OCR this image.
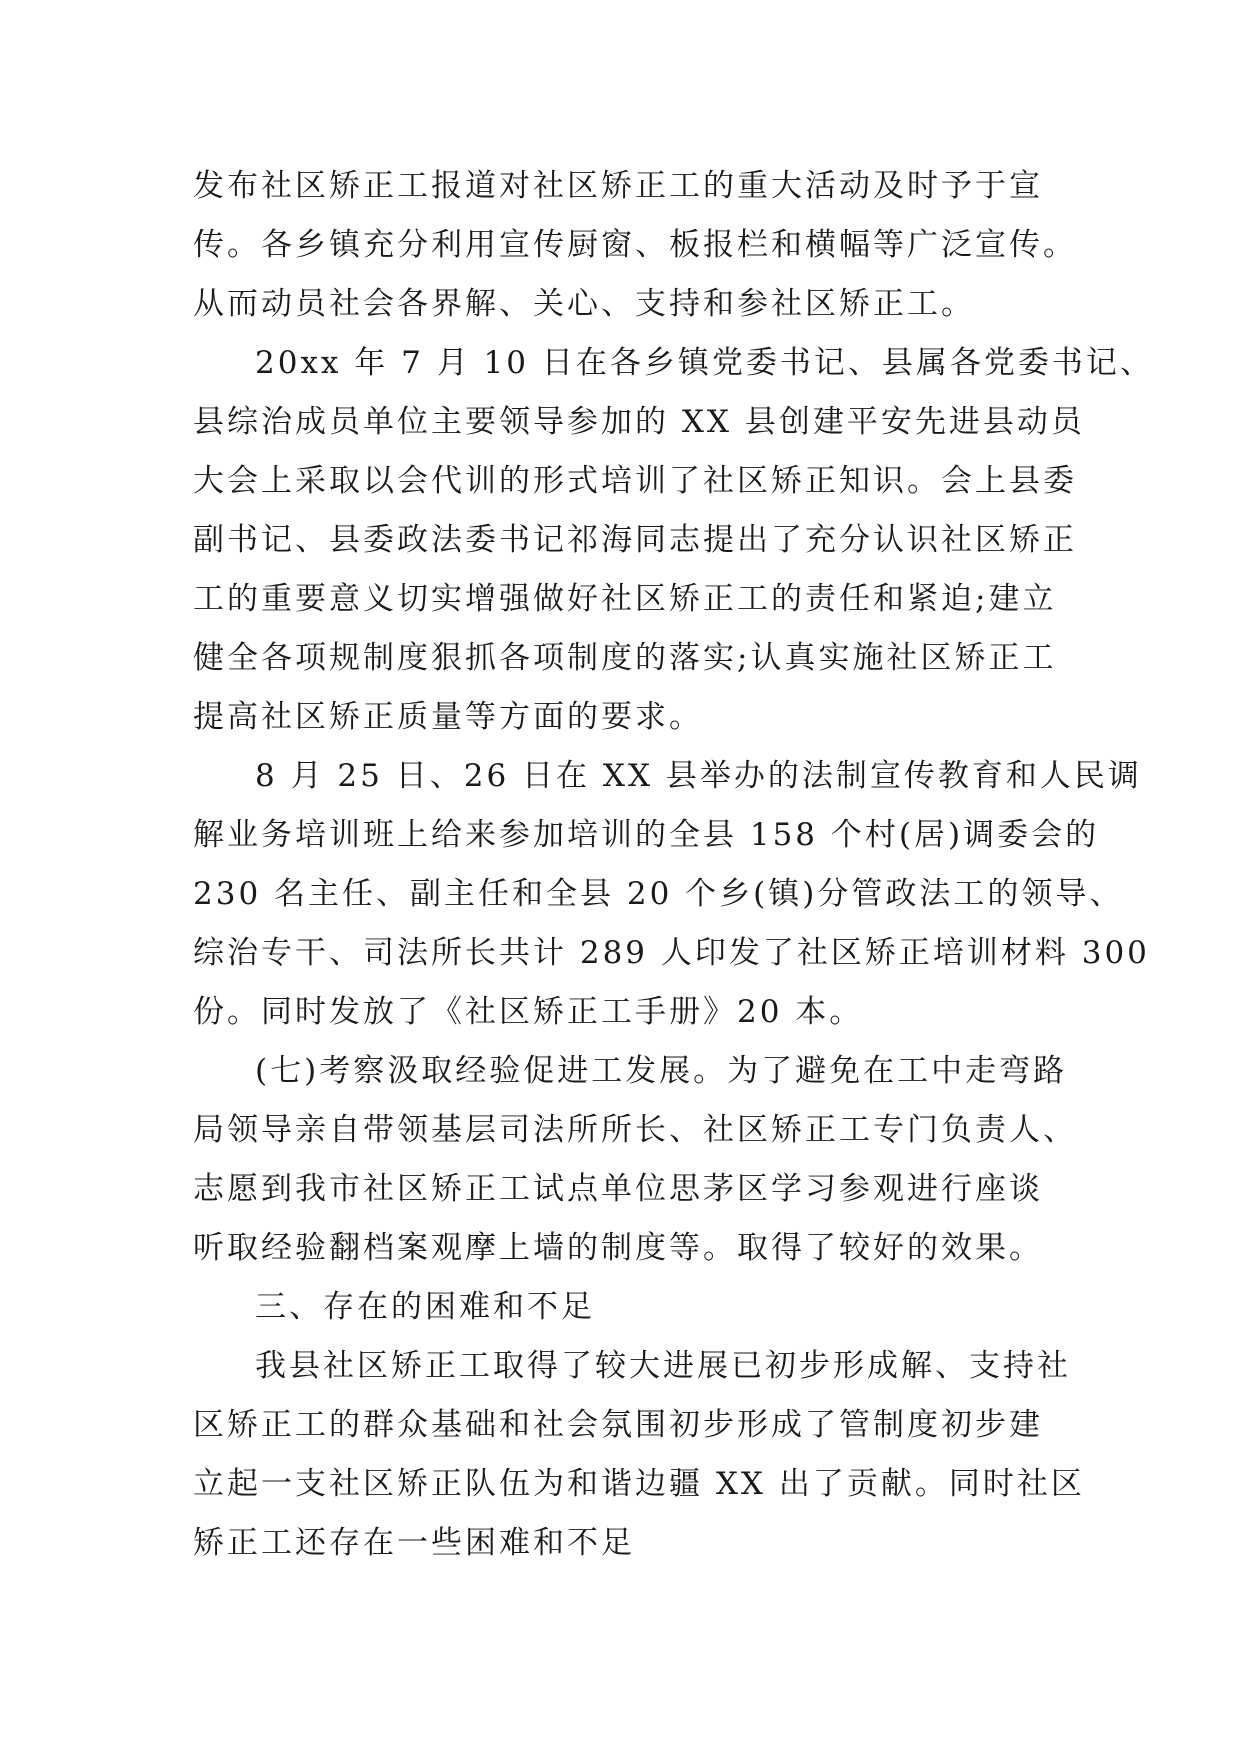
发布社区矫正工报道对社区矫正工的重大活动及时予于宣
传。各乡镇充分利用宣传厨窗、板报栏和横幅等广泛宣传。
从而动员社会各界解、关心、支持和参社区矫正工。
20xx 年 7 月 10 日在各乡镇党委书记、县属各党委书记、
县综治成员单位主要领导参加的 XX 县创建平安先进县动员
大会上采取以会代训的形式培训了社区矫正知识。会上县委
副书记、县委政法委书记祁海同志提出了充分认识社区矫正
工的重要意义切实增强做好社区矫正工的责任和紧迫;建立
健全各项规制度狠抓各项制度的落实;认真实施社区矫正工
提高社区矫正质量等方面的要求。
8 月 25 日、26 日在 XX 县举办的法制宣传教育和人民调
解业务培训班上给来参加培训的全县 158 个村(居)调委会的
230 名主任、副主任和全县 20 个乡(镇)分管政法工的领导、
综治专干、司法所长共计 289 人印发了社区矫正培训材料 300
份。同时发放了《社区矫正工手册》20 本。
(七)考察汲取经验促进工发展。为了避免在工中走弯路
局领导亲自带领基层司法所所长、社区矫正工专门负责人、
志愿到我市社区矫正工试点单位思茅区学习参观进行座谈
听取经验翻档案观摩上墙的制度等。取得了较好的效果。
三、存在的困难和不足
我县社区矫正工取得了较大进展已初步形成解、支持社
区矫正工的群众基础和社会氛围初步形成了管制度初步建
立起一支社区矫正队伍为和谐边疆 XX 出了贡献。同时社区
矫正工还存在一些困难和不足
